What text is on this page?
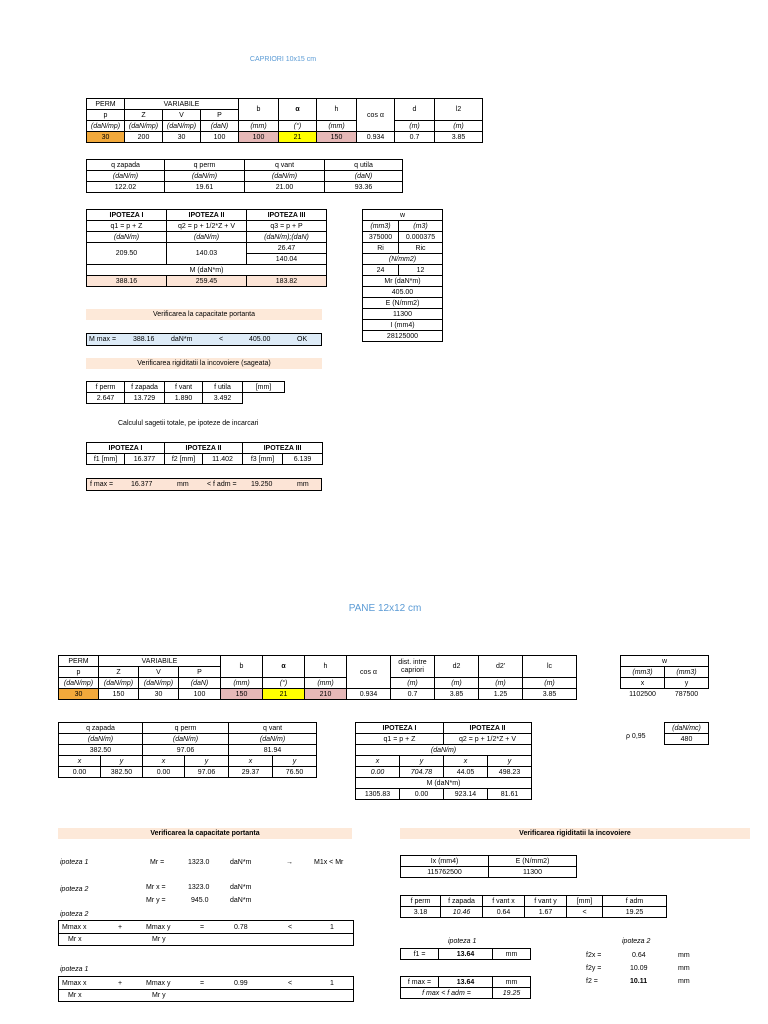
CAPRIORI 10x15 cm
PERM	VARIABILE			b	α	h	cos α	d	l2
p	Z	V	P						
(daN/mp)	(daN/mp)	(daN/mp)	(daN)	(mm)	(°)	(mm)		(m)	(m)
30	200	30	100	100	21	150	0.934	0.7	3.85
q zapada	q perm	q vant	q utila
(daN/m)	(daN/m)	(daN/m)	(daN)
122.02	19.61	21.00	93.36
IPOTEZA I	IPOTEZA II	IPOTEZA III
q1 = p + Z	q2 = p + 1/2*Z + V	q3 = p + P
(daN/m)	(daN/m)	(daN/m);(daN)
209.50	140.03	26.47
		140.04
M (daN*m)		
388.16	259.45	183.82
w	
(mm3)	(m3)
375000	0.000375
Ri	Ric
(N/mm2)	
24	12
Mr (daN*m)	
405.00	
E (N/mm2)	
11300	
I (mm4)	
28125000	
Verificarea la capacitate portanta
M max = 388.16 daN*m	<	405.00	OK
Verificarea rigiditatii la incovoiere (sageata)
f perm	f zapada	f vant	f utila	[mm]
2.647	13.729	1.890	3.492	
Calculul sagetii totale, pe ipoteze de incarcari
IPOTEZA I		IPOTEZA II		IPOTEZA III	
f1 [mm]	16.377	f2 [mm]	11.402	f3 [mm]	6.139
f max =	16.377	mm	< f adm = 19.250	mm
PANE 12x12 cm
PERM	VARIABILE			b	α	h	cos α	dist. intre capriori	d2	d2'	lc
p	Z	V	P								
(daN/mp)	(daN/mp)	(daN/mp)	(daN)	(mm)	(°)	(mm)		(m)	(m)	(m)	(m)
30	150	30	100	150	21	210	0.934	0.7	3.85	1.25	3.85
w	
(mm3)	(mm3)
x	y
1102500	787500
ρ 0,95
(daN/mc)
480
q zapada		q perm		q vant	
(daN/m)		(daN/m)		(daN/m)	
382.50		97.06		81.94	
x	y	x	y	x	y
0.00	382.50	0.00	97.06	29.37	76.50
IPOTEZA I		IPOTEZA II	
q1 = p + Z		q2 = p + 1/2*Z + V	
(daN/m)			
x	y	x	y
0.00	704.78	44.05	498.23
M (daN*m)			
1305.83	0.00	923.14	81.61
Verificarea la capacitate portanta
ipoteza 1	Mr =	1323.0	daN*m	→	M1x < Mr
ipoteza 2	Mr x =	1323.0	daN*m
Mr y =	945.0	daN*m
ipoteza 2
Mmax x	+	Mmax y	=	0.78	<	1
Mr x	Mr y
ipoteza 1
Mmax x	+	Mmax y	=	0.99	<	1
Mr x	Mr y
Verificarea rigiditatii la incovoiere
Ix (mm4)	E (N/mm2)
115762500	11300
f perm	f zapada	f vant x	f vant y	[mm]	f adm
3.18	10.46	0.64	1.67	<	19.25
ipoteza 1	ipoteza 2
f1 =	13.64	mm
f max =	13.64	mm
f max < f adm =		19.25
f2x =	0.64	mm
f2y =	10.09	mm
f2 =	10.11	mm
